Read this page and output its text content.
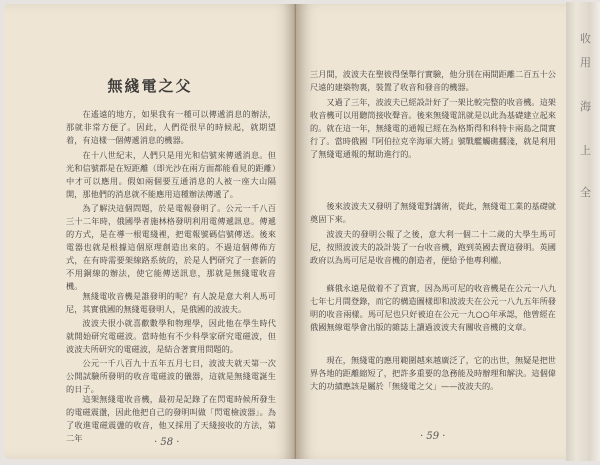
無綫電之父

在遙遠的地方，如果我有一種可以傳遞消息的辦法，那就非常方便了。因此，人們從很早的時候起，就期望着，有這樣一個傳遞消息的機器。

在十八世紀末，人們只是用光和信號來傳遞消息。但光和信號都是在短距離（即光沙在兩方面都能看見的距離）中才可以應用。假如兩個要互通消息的人被一座大山隔開，那他們的消息就不能應用這種辦法傳遞了。

為了解決這個問題，於是電報發明了。公元一千八百三十二年時，俄國學者施林格發明利用電傳遞訊息。傳遞的方式，是在導一根電綫裡，把電報號碼信號傳送。後來電器也就是根據這個原理創造出來的。不過這個傳佈方式，在有時需要架線路系統的，於是人們研究了一套新的不用銅線的辦法，使它能傳送訊息，那就是無綫電收音機。

無綫電收音機是誰發明的呢？有人說是意大利人馬可尼，其實俄國的無綫電發明人，是俄國的波波夫。

波波夫很小就喜歡數學和物理學，因此他在學生時代就開始研究電磁波。當時他有不少科學家研究電磁波，但波波夫所研究的電磁波，是結合著實用問題的。

公元一千八百九十五年五月七日，波波夫就天第一次公開試驗所發明的收音電磁波的儀器，這就是無綫電誕生的日子。

這架無綫電收音機，最初是記錄了在閃電時候所發生的電磁震盪，因此他把自己的發明叫做「閃電檢波器」。為了收進電磁震盪的收音，他又採用了天綫接收的方法，第二年	· 58 ·

三月間，波波夫在聖彼得堡舉行實驗，他分別在兩間距離二百五十公尺遠的建築物裏，裝置了收音和發音的機器。

又過了三年，波波夫已經設計好了一架比較完整的收音機。這架收音機可以用聽筒接收聲音。後來無綫電訊就是以此為基礎建立起來的。就在這一年，無綫電的通報已經在為格斯得和科特卡兩島之間實行了。當時俄國『阿伯拉克辛海軍大將』號戰艦觸礁擱淺，就是利用了無綫電通報的幫助進行的。

後來波波夫又發明了無綫電對講術，從此，無綫電工業的基礎就奠固下來。

波波夫的發明公報了之後，意大利一個二十二歲的大學生馬可尼，按照波波夫的設計裝了一台收音機，跑到英國去賣這發明。英國政府以為馬可尼是收音機的創造者，便給予他專利權。

蘇俄永遠是做着不了貢實，因為馬可尼的收音機是在公元一八九七年七月間登錄，而它的構造圖樣即和波波夫在公元一八九五年所發明的收音兩樣。馬可尼也只好被迫在公元一九○○年承認，他曾經在俄國無線電學會出版的雜誌上讀過波波夫有關收音機的文章。

現在，無綫電的應用範圍越來越廣泛了，它的出世，無疑是把世界各地的距離縮短了，把許多重要的急務能及時辦理和解決。這個偉大的功績應該是屬於「無綫電之父」——波波夫的。

· 59 ·
收
用
海
上
全
